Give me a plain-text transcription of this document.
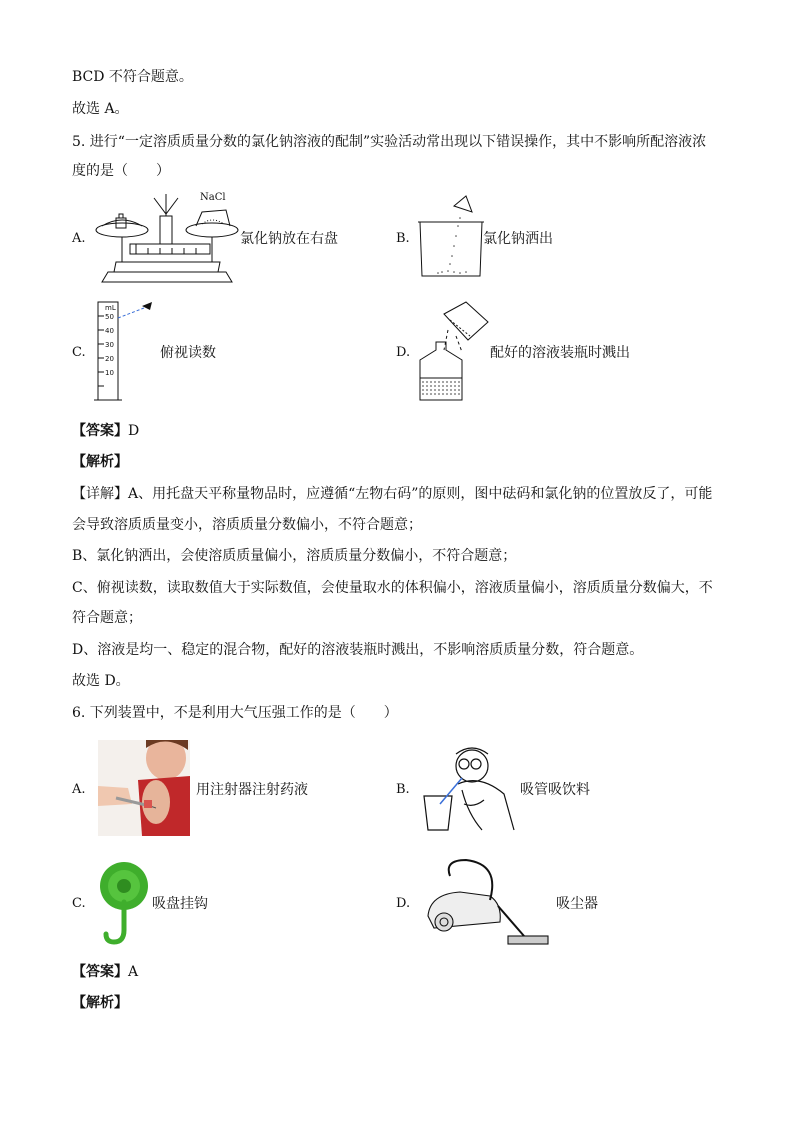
BCD 不符合题意。
故选 A。
5. 进行“一定溶质质量分数的氯化钠溶液的配制”实验活动常出现以下错误操作，其中不影响所配溶液浓
度的是（　　）
A.
NaCl
氯化钠放在右盘	B.	氯化钠洒出
C.
mL
50
40
30
20
10
俯视读数	D.	配好的溶液装瓶时溅出
【答案】D
【解析】
【详解】A、用托盘天平称量物品时，应遵循“左物右码”的原则，图中砝码和氯化钠的位置放反了，可能
会导致溶质质量变小，溶质质量分数偏小，不符合题意；
B、氯化钠洒出，会使溶质质量偏小，溶质质量分数偏小，不符合题意；
C、俯视读数，读取数值大于实际数值，会使量取水的体积偏小，溶液质量偏小，溶质质量分数偏大，不
符合题意；
D、溶液是均一、稳定的混合物，配好的溶液装瓶时溅出，不影响溶质质量分数，符合题意。
故选 D。
6. 下列装置中，不是利用大气压强工作的是（　　）
A.	用注射器注射药液	B.	吸管吸饮料
C.	吸盘挂钩	D.	吸尘器
【答案】A
【解析】
